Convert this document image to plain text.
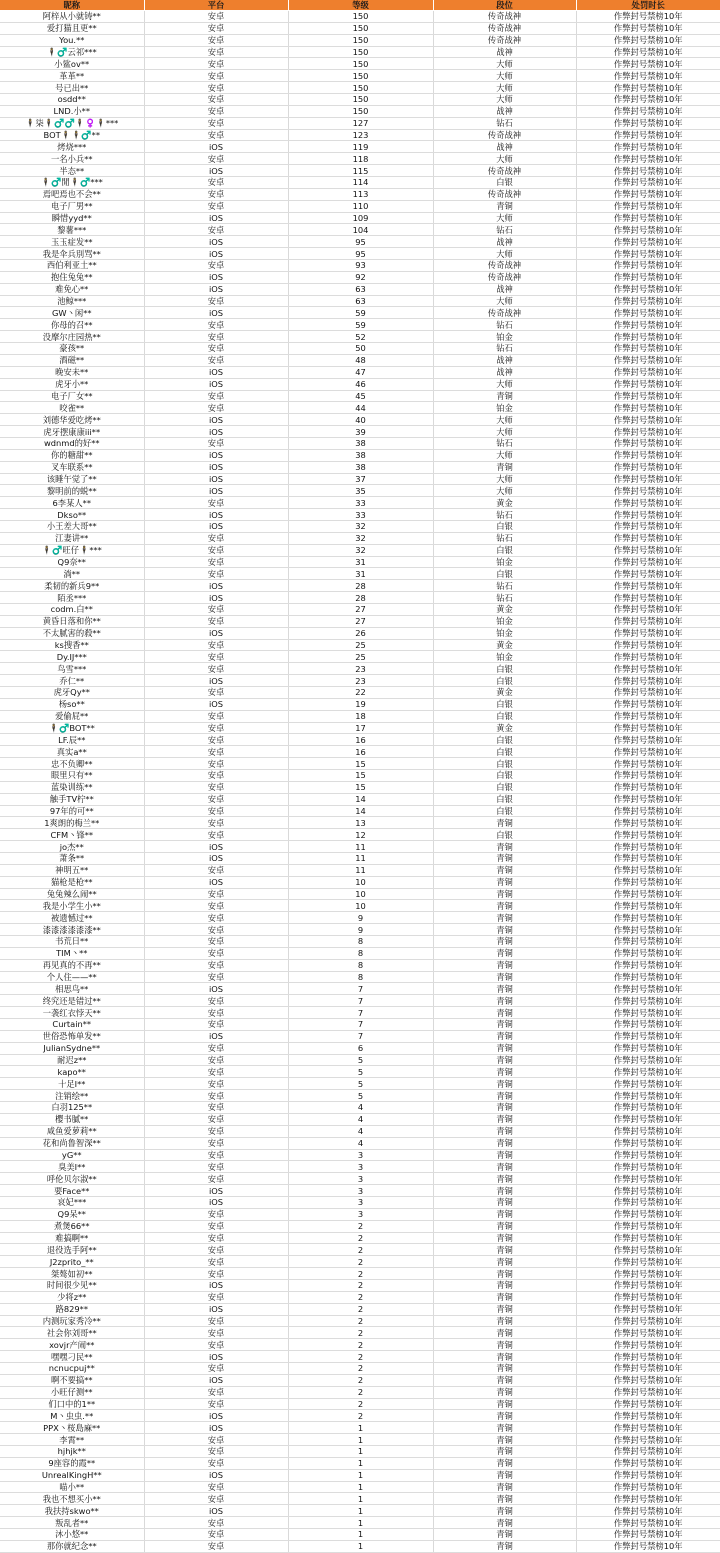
昵称	平台	等级	段位	处罚时长
阿梓从小就铸**	安卓	150	传奇战神	作弊封号禁榜10年
爱打猫且更**	安卓	150	传奇战神	作弊封号禁榜10年
You.**	安卓	150	传奇战神	作弊封号禁榜10年
🕴️♂️云祁***	安卓	150	战神	作弊封号禁榜10年
小鲨ov**	安卓	150	大师	作弊封号禁榜10年
革革**	安卓	150	大师	作弊封号禁榜10年
号已出**	安卓	150	大师	作弊封号禁榜10年
osdd**	安卓	150	大师	作弊封号禁榜10年
LND.小**	安卓	150	战神	作弊封号禁榜10年
🕴️柒🕴️♂️♂️🕴️♀️🕴️***	安卓	127	钻石	作弊封号禁榜10年
BOT🕴️🕴️♂️**	安卓	123	传奇战神	作弊封号禁榜10年
烤烧***	iOS	119	战神	作弊封号禁榜10年
一名小兵**	安卓	118	大师	作弊封号禁榜10年
半态**	iOS	115	传奇战神	作弊封号禁榜10年
🕴️♂️閒🕴️♂️***	安卓	114	白银	作弊封号禁榜10年
焉吧焉也不会**	安卓	113	传奇战神	作弊封号禁榜10年
电子厂男**	安卓	110	青铜	作弊封号禁榜10年
瞬惜yyd**	iOS	109	大师	作弊封号禁榜10年
黎薯***	安卓	104	钻石	作弊封号禁榜10年
玉玉症发**	iOS	95	战神	作弊封号禁榜10年
我是伞兵別骂**	iOS	95	大师	作弊封号禁榜10年
西伯利亚土**	安卓	93	传奇战神	作弊封号禁榜10年
抱住兔兔**	iOS	92	传奇战神	作弊封号禁榜10年
难免心**	iOS	63	战神	作弊封号禁榜10年
池鲸***	安卓	63	大师	作弊封号禁榜10年
GW丶闲**	iOS	59	传奇战神	作弊封号禁榜10年
你母的召**	安卓	59	钻石	作弊封号禁榜10年
没摩尔庄园热**	安卓	52	铂金	作弊封号禁榜10年
豪孩**	安卓	50	钻石	作弊封号禁榜10年
酒磁**	安卓	48	战神	作弊封号禁榜10年
晚安未**	iOS	47	战神	作弊封号禁榜10年
虎牙小**	iOS	46	大师	作弊封号禁榜10年
电子厂女**	安卓	45	青铜	作弊封号禁榜10年
咬雀**	安卓	44	铂金	作弊封号禁榜10年
刘德华爱吃烤**	iOS	40	大师	作弊封号禁榜10年
虎牙摆康康iii**	iOS	39	大师	作弊封号禁榜10年
wdnmd的好**	安卓	38	钻石	作弊封号禁榜10年
你的糖甜**	iOS	38	大师	作弊封号禁榜10年
叉车联系**	iOS	38	青铜	作弊封号禁榜10年
该睡午觉了**	iOS	37	大师	作弊封号禁榜10年
黎明前的蜕**	iOS	35	大师	作弊封号禁榜10年
6李某人**	安卓	33	黄金	作弊封号禁榜10年
Dkso**	iOS	33	钻石	作弊封号禁榜10年
小王差大哥**	iOS	32	白银	作弊封号禁榜10年
江妻讲**	安卓	32	钻石	作弊封号禁榜10年
🕴️♂️旺仔🕴️***	安卓	32	白银	作弊封号禁榜10年
Q9奈**	安卓	31	铂金	作弊封号禁榜10年
淌**	安卓	31	白银	作弊封号禁榜10年
柔韧的新兵9**	iOS	28	钻石	作弊封号禁榜10年
陌丞***	iOS	28	钻石	作弊封号禁榜10年
codm.白**	安卓	27	黄金	作弊封号禁榜10年
黄昏日落和你**	安卓	27	铂金	作弊封号禁榜10年
不太腻害的殺**	iOS	26	铂金	作弊封号禁榜10年
ks搜香**	安卓	25	黄金	作弊封号禁榜10年
Dy.IJ***	安卓	25	铂金	作弊封号禁榜10年
鸟雪***	安卓	23	白银	作弊封号禁榜10年
乔仁**	iOS	23	白银	作弊封号禁榜10年
虎牙Qy**	安卓	22	黄金	作弊封号禁榜10年
杨so**	iOS	19	白银	作弊封号禁榜10年
爱偷屁**	安卓	18	白银	作弊封号禁榜10年
🕴️♂️BOT**	安卓	17	黄金	作弊封号禁榜10年
LF.辰**	安卓	16	白银	作弊封号禁榜10年
真实a**	安卓	16	白银	作弊封号禁榜10年
忠不负卿**	安卓	15	白银	作弊封号禁榜10年
眼里只有**	安卓	15	白银	作弊封号禁榜10年
蓝染训练**	安卓	15	白银	作弊封号禁榜10年
触手TV柠**	安卓	14	白银	作弊封号禁榜10年
97年的可**	安卓	14	白银	作弊封号禁榜10年
1爽朗的梅兰**	安卓	13	青铜	作弊封号禁榜10年
CFM丶锋**	安卓	12	白银	作弊封号禁榜10年
jo杰**	iOS	11	青铜	作弊封号禁榜10年
萧条**	iOS	11	青铜	作弊封号禁榜10年
神明五**	安卓	11	青铜	作弊封号禁榜10年
猫枪是枪**	iOS	10	青铜	作弊封号禁榜10年
兔兔辣么闹**	安卓	10	青铜	作弊封号禁榜10年
我是小学生小**	安卓	10	青铜	作弊封号禁榜10年
被遗憾过**	安卓	9	青铜	作弊封号禁榜10年
漆漆漆漆漆漆**	安卓	9	青铜	作弊封号禁榜10年
书荒日**	安卓	8	青铜	作弊封号禁榜10年
TIM丶**	安卓	8	青铜	作弊封号禁榜10年
再见真的不再**	安卓	8	青铜	作弊封号禁榜10年
个人住——**	安卓	8	青铜	作弊封号禁榜10年
相思鸟**	iOS	7	青铜	作弊封号禁榜10年
终究还是错过**	安卓	7	青铜	作弊封号禁榜10年
一袭红衣悖天**	安卓	7	青铜	作弊封号禁榜10年
Curtain**	安卓	7	青铜	作弊封号禁榜10年
世俗恐怖单发**	iOS	7	青铜	作弊封号禁榜10年
JulianSydne**	安卓	6	青铜	作弊封号禁榜10年
耐迟z**	安卓	5	青铜	作弊封号禁榜10年
kapo**	安卓	5	青铜	作弊封号禁榜10年
十足I**	安卓	5	青铜	作弊封号禁榜10年
注销绘**	安卓	5	青铜	作弊封号禁榜10年
白羽125**	安卓	4	青铜	作弊封号禁榜10年
樱书膩**	安卓	4	青铜	作弊封号禁榜10年
咸鱼爱萝莉**	安卓	4	青铜	作弊封号禁榜10年
花和尚鲁智深**	安卓	4	青铜	作弊封号禁榜10年
yG**	安卓	3	青铜	作弊封号禁榜10年
臭美I**	安卓	3	青铜	作弊封号禁榜10年
呼伦贝尔淑**	安卓	3	青铜	作弊封号禁榜10年
要Face**	iOS	3	青铜	作弊封号禁榜10年
哀妃***	iOS	3	青铜	作弊封号禁榜10年
Q9呆**	安卓	3	青铜	作弊封号禁榜10年
煮煲66**	安卓	2	青铜	作弊封号禁榜10年
难搞啊**	安卓	2	青铜	作弊封号禁榜10年
退役选手阿**	安卓	2	青铜	作弊封号禁榜10年
J2zprito_**	安卓	2	青铜	作弊封号禁榜10年
桀骜如初**	安卓	2	青铜	作弊封号禁榜10年
时间很少见**	iOS	2	青铜	作弊封号禁榜10年
少将z**	安卓	2	青铜	作弊封号禁榜10年
路829**	iOS	2	青铜	作弊封号禁榜10年
内测玩家秀冷**	安卓	2	青铜	作弊封号禁榜10年
社会你刘哥**	安卓	2	青铜	作弊封号禁榜10年
xovjr产闹**	安卓	2	青铜	作弊封号禁榜10年
嘿嘿刁民**	iOS	2	青铜	作弊封号禁榜10年
ncnucpuj**	安卓	2	青铜	作弊封号禁榜10年
啊不要搞**	iOS	2	青铜	作弊封号禁榜10年
小旺仔测**	安卓	2	青铜	作弊封号禁榜10年
们口中的1**	安卓	2	青铜	作弊封号禁榜10年
M丶虫虫.**	iOS	2	青铜	作弊封号禁榜10年
PPX丶桜島麻**	iOS	1	青铜	作弊封号禁榜10年
李霄**	安卓	1	青铜	作弊封号禁榜10年
hjhjk**	安卓	1	青铜	作弊封号禁榜10年
9座容的霞**	安卓	1	青铜	作弊封号禁榜10年
UnrealKingH**	iOS	1	青铜	作弊封号禁榜10年
喵小**	安卓	1	青铜	作弊封号禁榜10年
我也不想买小**	安卓	1	青铜	作弊封号禁榜10年
我扶持skwo**	iOS	1	青铜	作弊封号禁榜10年
叛乱者**	安卓	1	青铜	作弊封号禁榜10年
沐小悠**	安卓	1	青铜	作弊封号禁榜10年
那你就纪念**	安卓	1	青铜	作弊封号禁榜10年
